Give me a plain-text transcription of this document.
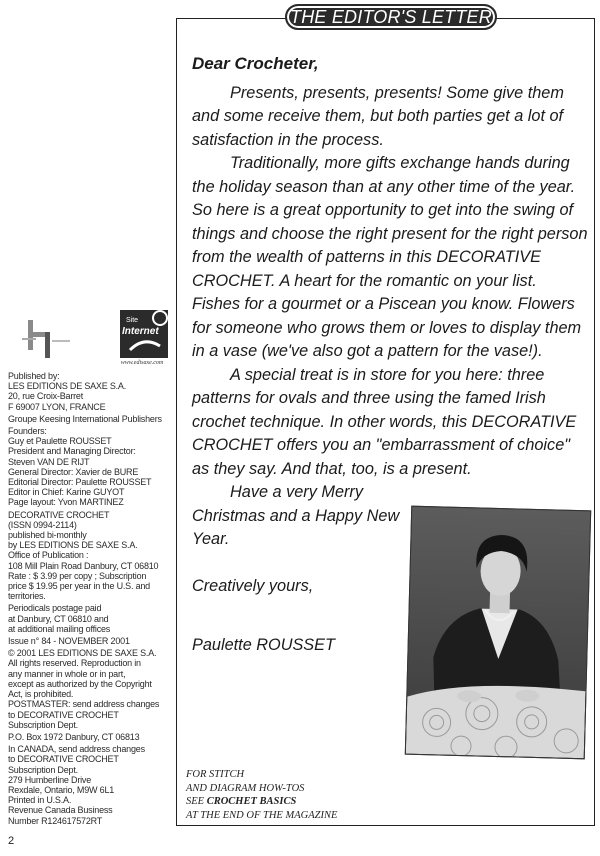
THE EDITOR'S LETTER
Dear Crocheter,

Presents, presents, presents! Some give them and some receive them, but both parties get a lot of satisfaction in the process.

Traditionally, more gifts exchange hands during the holiday season than at any other time of the year. So here is a great opportunity to get into the swing of things and choose the right present for the right person from the wealth of patterns in this DECORATIVE CROCHET. A heart for the romantic on your list. Fishes for a gourmet or a Piscean you know. Flowers for someone who grows them or loves to display them in a vase (we've also got a pattern for the vase!).

A special treat is in store for you here: three patterns for ovals and three using the famed Irish crochet technique. In other words, this DECORATIVE CROCHET offers you an "embarrassment of choice" as they say. And that, too, is a present.

Have a very Merry Christmas and a Happy New Year.

Creatively yours,

Paulette ROUSSET

FOR STITCH
AND DIAGRAM HOW-TOS
SEE CROCHET BASICS
AT THE END OF THE MAGAZINE
Site
Internet
www.edisaxe.com
Published by:
LES EDITIONS DE SAXE S.A.
20, rue Croix-Barret
F 69007 LYON, FRANCE
Groupe Keesing International Publishers
Founders:
Guy et Paulette ROUSSET
President and Managing Director:
Steven VAN DE RIJT
General Director: Xavier de BURE
Editorial Director: Paulette ROUSSET
Editor in Chief: Karine GUYOT
Page layout: Yvon MARTINEZ
DECORATIVE CROCHET
(ISSN 0994-2114)
published bi-monthly
by LES EDITIONS DE SAXE S.A.
Office of Publication :
108 Mill Plain Road Danbury, CT 06810
Rate : $ 3.99 per copy ; Subscription
price $ 19.95 per year in the U.S. and
territories.
Periodicals postage paid
at Danbury, CT 06810 and
at additional mailing offices
Issue n° 84 - NOVEMBER 2001
© 2001 LES EDITIONS DE SAXE S.A.
All rights reserved. Reproduction in
any manner in whole or in part,
except as authorized by the Copyright
Act, is prohibited.
POSTMASTER: send address changes
to DECORATIVE CROCHET
Subscription Dept.
P.O. Box 1972 Danbury, CT 06813
In CANADA, send address changes
to DECORATIVE CROCHET
Subscription Dept.
279 Humberline Drive
Rexdale, Ontario, M9W 6L1
Printed in U.S.A.
Revenue Canada Business
Number R124617572RT
2
